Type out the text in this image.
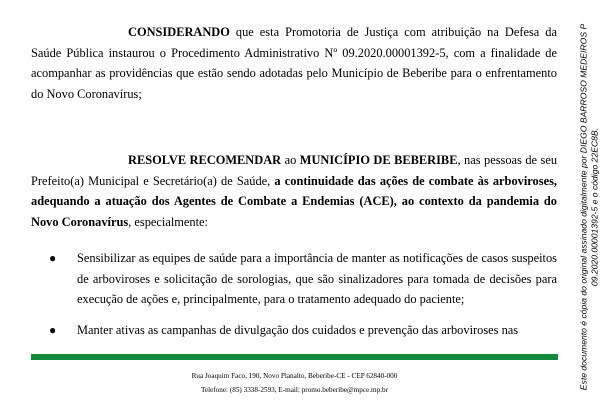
CONSIDERANDO que esta Promotoria de Justiça com atribuição na Defesa da Saúde Pública instaurou o Procedimento Administrativo Nº 09.2020.00001392-5, com a finalidade de acompanhar as providências que estão sendo adotadas pelo Município de Beberibe para o enfrentamento do Novo Coronavírus;
RESOLVE RECOMENDAR ao MUNICÍPIO DE BEBERIBE, nas pessoas de seu Prefeito(a) Municipal e Secretário(a) de Saúde, a continuidade das ações de combate às arboviroses, adequando a atuação dos Agentes de Combate a Endemias (ACE), ao contexto da pandemia do Novo Coronavírus, especialmente:
● Sensibilizar as equipes de saúde para a importância de manter as notificações de casos suspeitos de arboviroses e solicitação de sorologias, que são sinalizadores para tomada de decisões para execução de ações e, principalmente, para o tratamento adequado do paciente;
● Manter ativas as campanhas de divulgação dos cuidados e prevenção das arboviroses nas
Rua Joaquim Faco, 190, Novo Planalto, Beberibe-CE - CEP 62840-000
Telefone: (85) 3338-2593, E-mail: promo.beberibe@mpce.mp.br	Este documento é cópia do original assinado digitalmente por DIEGO BARROSO MEDEIROS P 09.2020.00001392-5 e o código 22EC8B.
